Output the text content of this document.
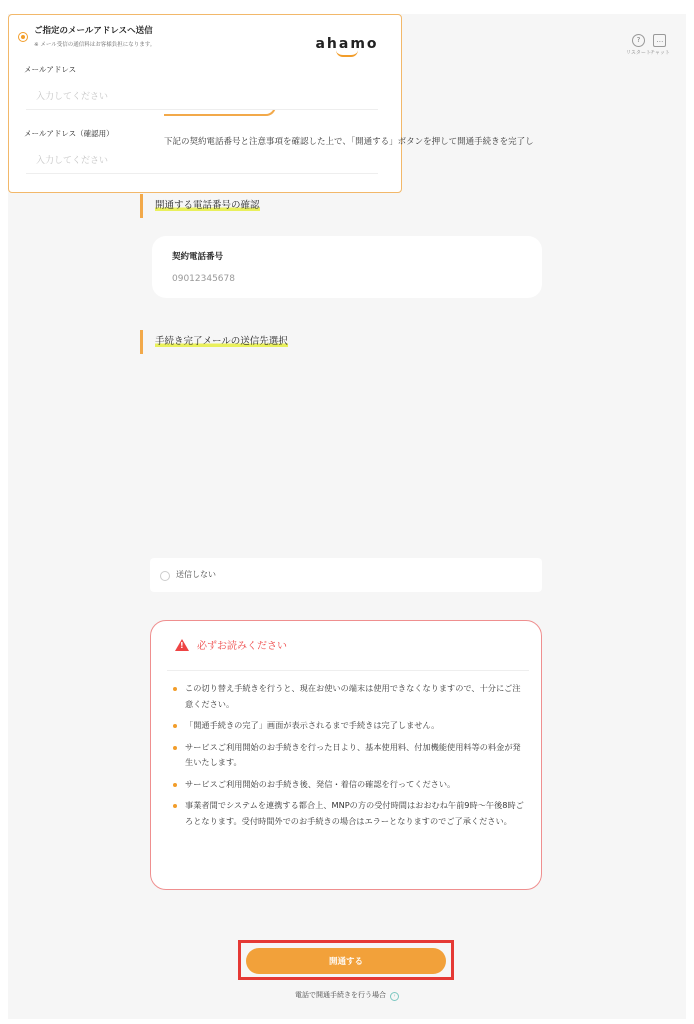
ahamo	?
リスタート
…
チャット
下記の契約電話番号と注意事項を確認した上で、「開通する」ボタンを押して開通手続きを完了し
開通する電話番号の確認
契約電話番号
09012345678
手続き完了メールの送信先選択
ご指定のメールアドレスへ送信
※ メール受信の通信料はお客様負担になります。
メールアドレス
入力してください
メールアドレス（確認用）
入力してください
送信しない
!必ずお読みください
この切り替え手続きを行うと、現在お使いの端末は使用できなくなりますので、十分にご注意ください。
「開通手続きの完了」画面が表示されるまで手続きは完了しません。
サービスご利用開始のお手続きを行った日より、基本使用料、付加機能使用料等の料金が発生いたします。
サービスご利用開始のお手続き後、発信・着信の確認を行ってください。
事業者間でシステムを連携する都合上、MNPの方の受付時間はおおむね午前9時〜午後8時ごろとなります。受付時間外でのお手続きの場合はエラーとなりますのでご了承ください。
開通する
電話で開通手続きを行う場合 ›
